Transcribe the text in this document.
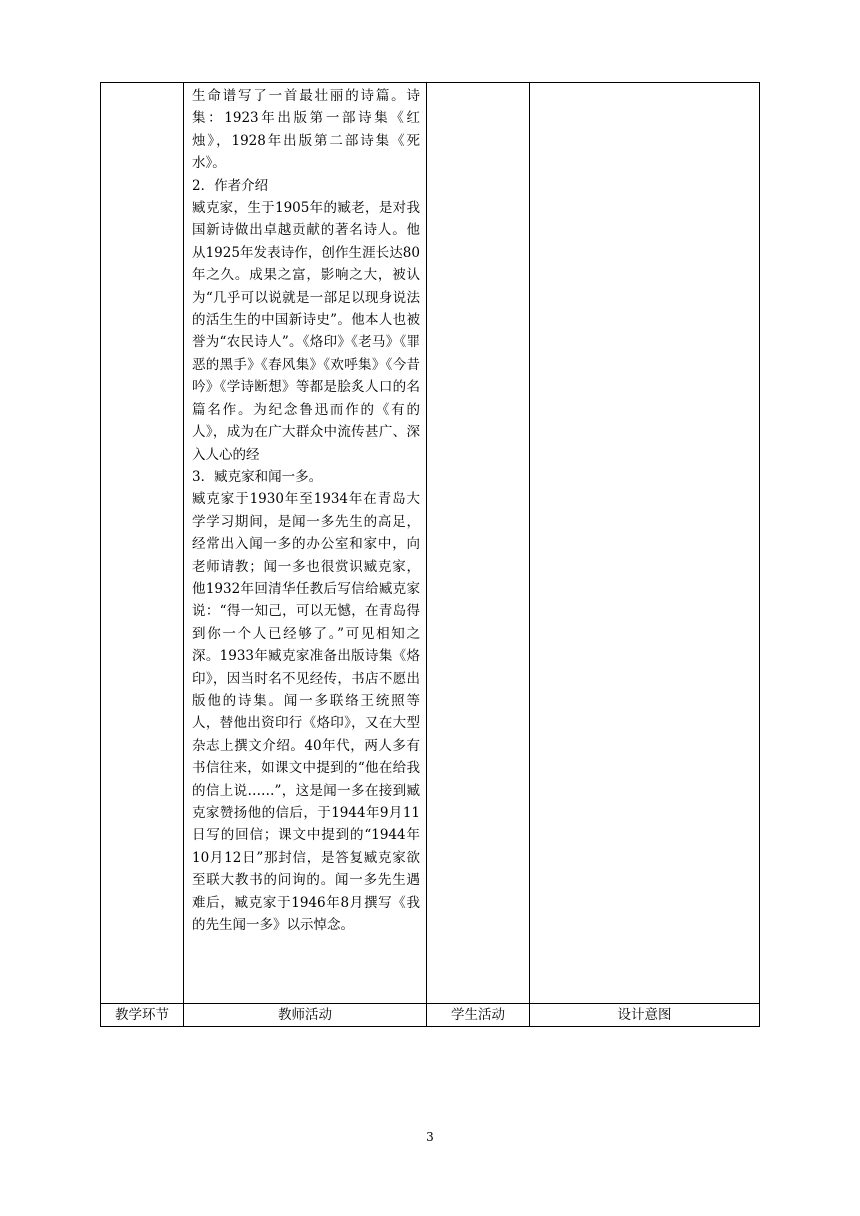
	生命谱写了一首最壮丽的诗篇。诗集：1923年出版第一部诗集《红烛》，1928年出版第二部诗集《死水》。

2．作者介绍

臧克家，生于1905年的臧老，是对我国新诗做出卓越贡献的著名诗人。他从1925年发表诗作，创作生涯长达80年之久。成果之富，影响之大，被认为“几乎可以说就是一部足以现身说法的活生生的中国新诗史”。他本人也被誉为“农民诗人”。《烙印》《老马》《罪恶的黑手》《春风集》《欢呼集》《今昔吟》《学诗断想》等都是脍炙人口的名篇名作。为纪念鲁迅而作的《有的人》，成为在广大群众中流传甚广、深入人心的经

3．臧克家和闻一多。

臧克家于1930年至1934年在青岛大学学习期间，是闻一多先生的高足，经常出入闻一多的办公室和家中，向老师请教；闻一多也很赏识臧克家，他1932年回清华任教后写信给臧克家说：“得一知己，可以无憾，在青岛得到你一个人已经够了。”可见相知之深。1933年臧克家准备出版诗集《烙印》，因当时名不见经传，书店不愿出版他的诗集。闻一多联络王统照等人，替他出资印行《烙印》，又在大型杂志上撰文介绍。40年代，两人多有书信往来，如课文中提到的“他在给我的信上说……”，这是闻一多在接到臧克家赞扬他的信后，于1944年9月11日写的回信；课文中提到的“1944年10月12日”那封信，是答复臧克家欲至联大教书的问询的。闻一多先生遇难后，臧克家于1946年8月撰写《我的先生闻一多》以示悼念。		

教学环节	教师活动	学生活动	设计意图
3
